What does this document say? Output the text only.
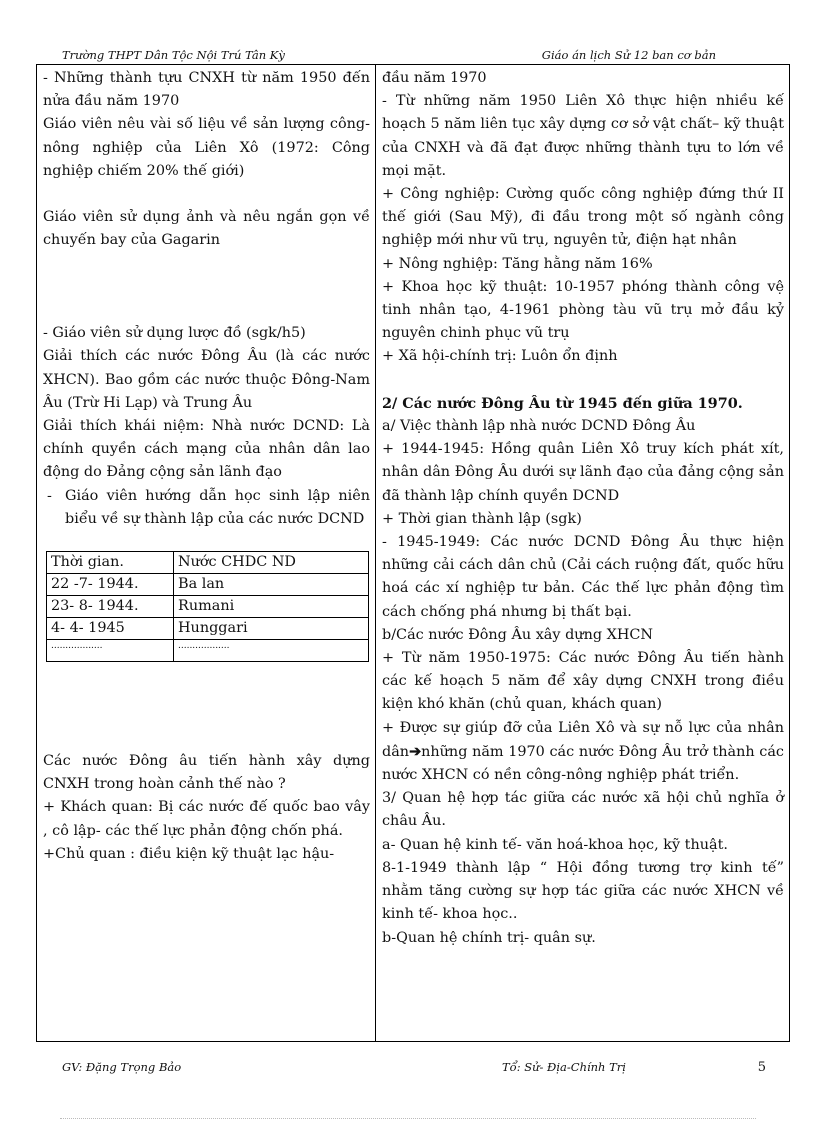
Trường THPT Dân Tộc Nội Trú Tân Kỳ	Giáo án lịch Sử 12 ban cơ bản

- Những thành tựu CNXH từ năm 1950 đến nửa đầu năm 1970

Giáo viên nêu vài số liệu về sản lượng công-nông nghiệp của Liên Xô (1972: Công nghiệp chiếm 20% thế giới)

Giáo viên sử dụng ảnh và nêu ngắn gọn về chuyến bay của Gagarin

- Giáo viên sử dụng lược đồ (sgk/h5)

Giải thích các nước Đông Âu (là các nước XHCN). Bao gồm các nước thuộc Đông-Nam Âu (Trừ Hi Lạp) và Trung Âu

Giải thích khái niệm: Nhà nước DCND: Là chính quyền cách mạng của nhân dân lao động do Đảng cộng sản lãnh đạo

- Giáo viên hướng dẫn học sinh lập niên biểu về sự thành lập của các nước DCND

Thời gian.	Nước CHDC ND
22 -7- 1944.	Ba lan
23- 8- 1944.	Rumani
4- 4- 1945	Hunggari
..................	..................

Các nước Đông âu tiến hành xây dựng CNXH trong hoàn cảnh thế nào ?

+ Khách quan: Bị các nước đế quốc bao vây , cô lập- các thế lực phản động chốn phá.

+Chủ quan : điều kiện kỹ thuật lạc hậu-

đầu năm 1970

- Từ những năm 1950 Liên Xô thực hiện nhiều kế hoạch 5 năm liên tục xây dựng cơ sở vật chất– kỹ thuật của CNXH và đã đạt được những thành tựu to lớn về mọi mặt.

+ Công nghiệp: Cường quốc công nghiệp đứng thứ II thế giới (Sau Mỹ), đi đầu trong một số ngành công nghiệp mới như vũ trụ, nguyên tử, điện hạt nhân

+ Nông nghiệp: Tăng hằng năm 16%

+ Khoa học kỹ thuật: 10-1957 phóng thành công vệ tinh nhân tạo, 4-1961 phòng tàu vũ trụ mở đầu kỷ nguyên chinh phục vũ trụ

+ Xã hội-chính trị: Luôn ổn định

2/ Các nước Đông Âu từ 1945 đến giữa 1970.

a/ Việc thành lập nhà nước DCND Đông Âu

+ 1944-1945: Hồng quân Liên Xô truy kích phát xít, nhân dân Đông Âu dưới sự lãnh đạo của đảng cộng sản đã thành lập chính quyền DCND

+ Thời gian thành lập (sgk)

- 1945-1949: Các nước DCND Đông Âu thực hiện những cải cách dân chủ (Cải cách ruộng đất, quốc hữu hoá các xí nghiệp tư bản. Các thế lực phản động tìm cách chống phá nhưng bị thất bại.

b/Các nước Đông Âu xây dựng XHCN

+ Từ năm 1950-1975: Các nước Đông Âu tiến hành các kế hoạch 5 năm để xây dựng CNXH trong điều kiện khó khăn (chủ quan, khách quan)

+ Được sự giúp đỡ của Liên Xô và sự nỗ lực của nhân dân➔những năm 1970 các nước Đông Âu trở thành các nước XHCN có nền công-nông nghiệp phát triển.

3/ Quan hệ hợp tác giữa các nước xã hội chủ nghĩa ở châu Âu.

a- Quan hệ kinh tế- văn hoá-khoa học, kỹ thuật.

8-1-1949 thành lập “ Hội đồng tương trợ kinh tế” nhằm tăng cường sự hợp tác giữa các nước XHCN về kinh tế- khoa học..

b-Quan hệ chính trị- quân sự.

GV: Đặng Trọng Bảo	Tổ: Sử- Địa-Chính Trị	5
